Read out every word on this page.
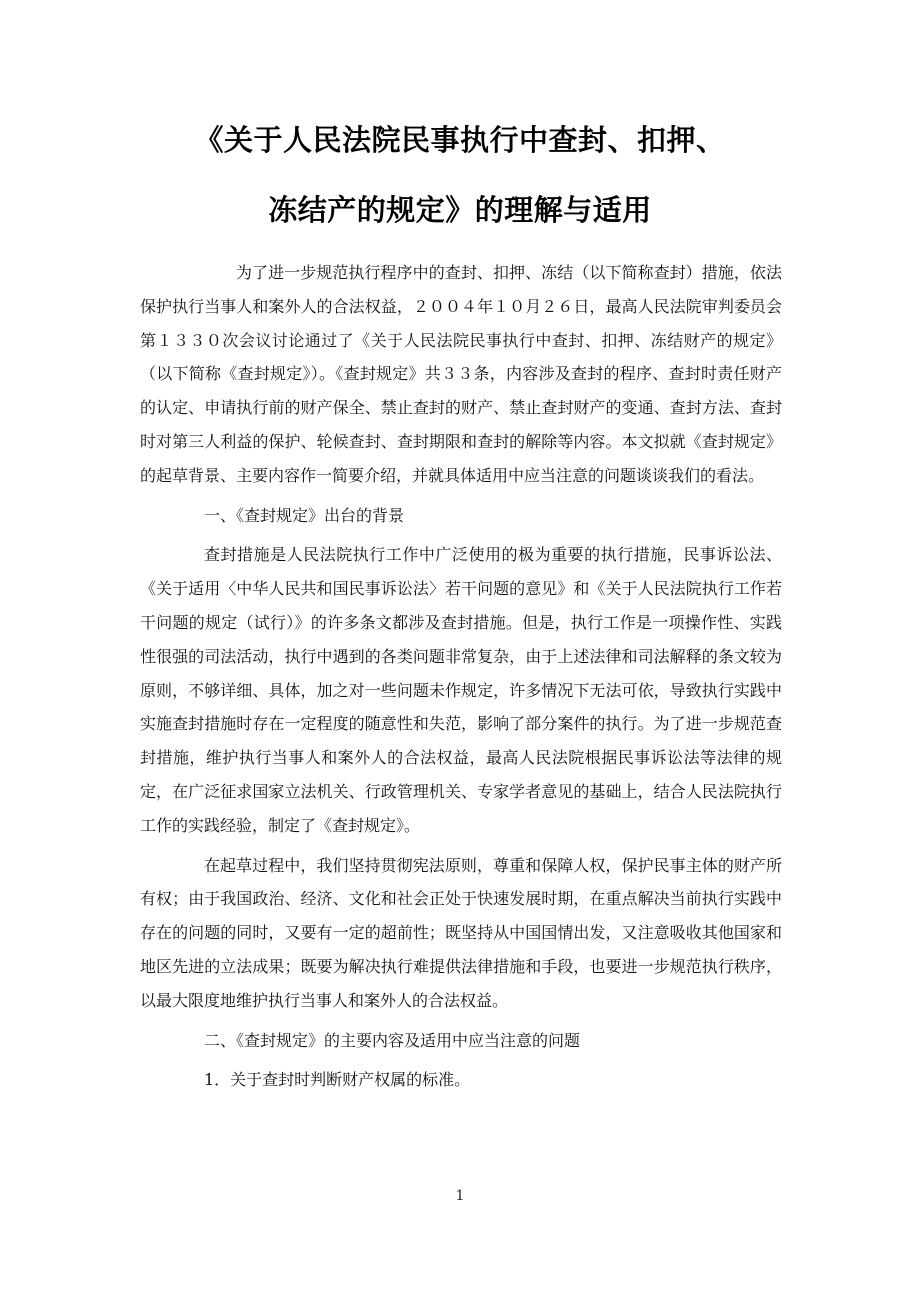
《关于人民法院民事执行中查封、扣押、
冻结产的规定》的理解与适用

为了进一步规范执行程序中的查封、扣押、冻结（以下简称查封）措施，依法保护执行当事人和案外人的合法权益，２００４年１０月２６日，最高人民法院审判委员会第１３３０次会议讨论通过了《关于人民法院民事执行中查封、扣押、冻结财产的规定》（以下简称《查封规定》）。《查封规定》共３３条，内容涉及查封的程序、查封时责任财产的认定、申请执行前的财产保全、禁止查封的财产、禁止查封财产的变通、查封方法、查封时对第三人利益的保护、轮候查封、查封期限和查封的解除等内容。本文拟就《查封规定》的起草背景、主要内容作一简要介绍，并就具体适用中应当注意的问题谈谈我们的看法。

一、《查封规定》出台的背景

查封措施是人民法院执行工作中广泛使用的极为重要的执行措施，民事诉讼法、《关于适用〈中华人民共和国民事诉讼法〉若干问题的意见》和《关于人民法院执行工作若干问题的规定（试行）》的许多条文都涉及查封措施。但是，执行工作是一项操作性、实践性很强的司法活动，执行中遇到的各类问题非常复杂，由于上述法律和司法解释的条文较为原则，不够详细、具体，加之对一些问题未作规定，许多情况下无法可依，导致执行实践中实施查封措施时存在一定程度的随意性和失范，影响了部分案件的执行。为了进一步规范查封措施，维护执行当事人和案外人的合法权益，最高人民法院根据民事诉讼法等法律的规定，在广泛征求国家立法机关、行政管理机关、专家学者意见的基础上，结合人民法院执行工作的实践经验，制定了《查封规定》。

在起草过程中，我们坚持贯彻宪法原则，尊重和保障人权，保护民事主体的财产所有权；由于我国政治、经济、文化和社会正处于快速发展时期，在重点解决当前执行实践中存在的问题的同时，又要有一定的超前性；既坚持从中国国情出发，又注意吸收其他国家和地区先进的立法成果；既要为解决执行难提供法律措施和手段，也要进一步规范执行秩序，以最大限度地维护执行当事人和案外人的合法权益。

二、《查封规定》的主要内容及适用中应当注意的问题

1．关于查封时判断财产权属的标准。

1
